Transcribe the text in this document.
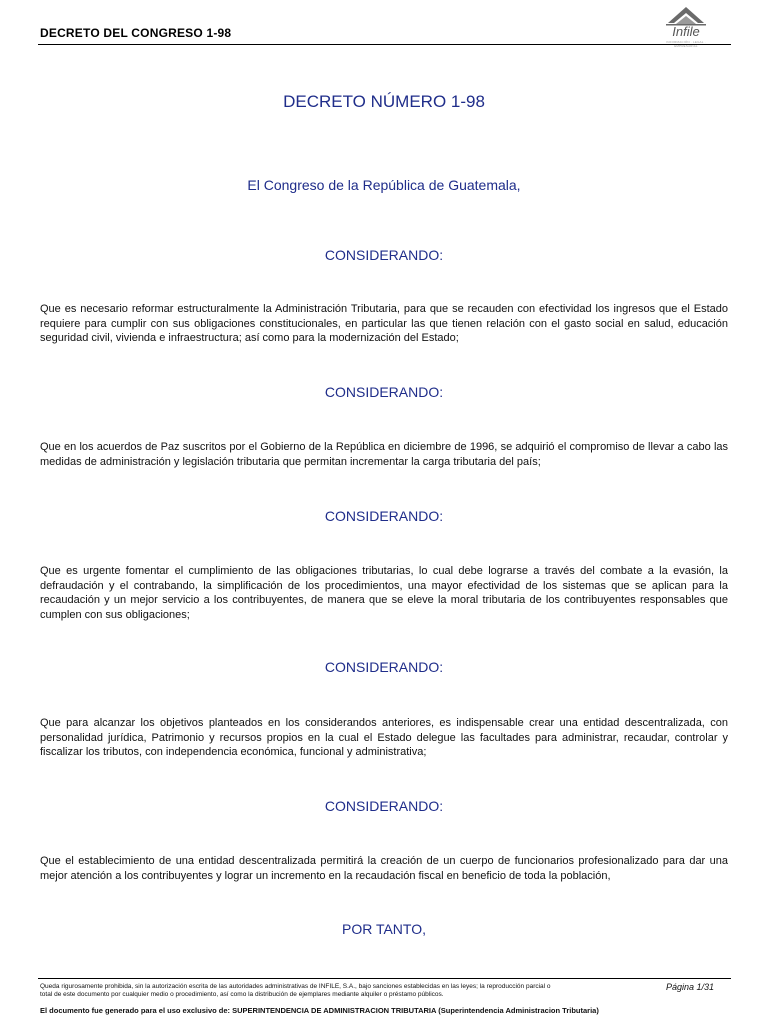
DECRETO DEL CONGRESO 1-98	Infile
INFORMACIÓN · LEGAL · EMPRESARIAL
DECRETO NÚMERO 1-98
El Congreso de la República de Guatemala,
CONSIDERANDO:
Que es necesario reformar estructuralmente la Administración Tributaria, para que se recauden con efectividad los ingresos que el Estado requiere para cumplir con sus obligaciones constitucionales, en particular las que tienen relación con el gasto social en salud, educación seguridad civil, vivienda e infraestructura; así como para la modernización del Estado;
CONSIDERANDO:
Que en los acuerdos de Paz suscritos por el Gobierno de la República en diciembre de 1996, se adquirió el compromiso de llevar a cabo las medidas de administración y legislación tributaria que permitan incrementar la carga tributaria del país;
CONSIDERANDO:
Que es urgente fomentar el cumplimiento de las obligaciones tributarias, lo cual debe lograrse a través del combate a la evasión, la defraudación y el contrabando, la simplificación de los procedimientos, una mayor efectividad de los sistemas que se aplican para la recaudación y un mejor servicio a los contribuyentes, de manera que se eleve la moral tributaria de los contribuyentes responsables que cumplen con sus obligaciones;
CONSIDERANDO:
Que para alcanzar los objetivos planteados en los considerandos anteriores, es indispensable crear una entidad descentralizada, con personalidad jurídica, Patrimonio y recursos propios en la cual el Estado delegue las facultades para administrar, recaudar, controlar y fiscalizar los tributos, con independencia económica, funcional y administrativa;
CONSIDERANDO:
Que el establecimiento de una entidad descentralizada permitirá la creación de un cuerpo de funcionarios profesionalizado para dar una mejor atención a los contribuyentes y lograr un incremento en la recaudación fiscal en beneficio de toda la población,
POR TANTO,
Queda rigurosamente prohibida, sin la autorización escrita de las autoridades administrativas de INFILE, S.A., bajo sanciones establecidas en las leyes; la reproducción parcial o total de este documento por cualquier medio o procedimiento, así como la distribución de ejemplares mediante alquiler o préstamo públicos.
Página 1/31
El documento fue generado para el uso exclusivo de: SUPERINTENDENCIA DE ADMINISTRACION TRIBUTARIA (Superintendencia Administracion Tributaria)
